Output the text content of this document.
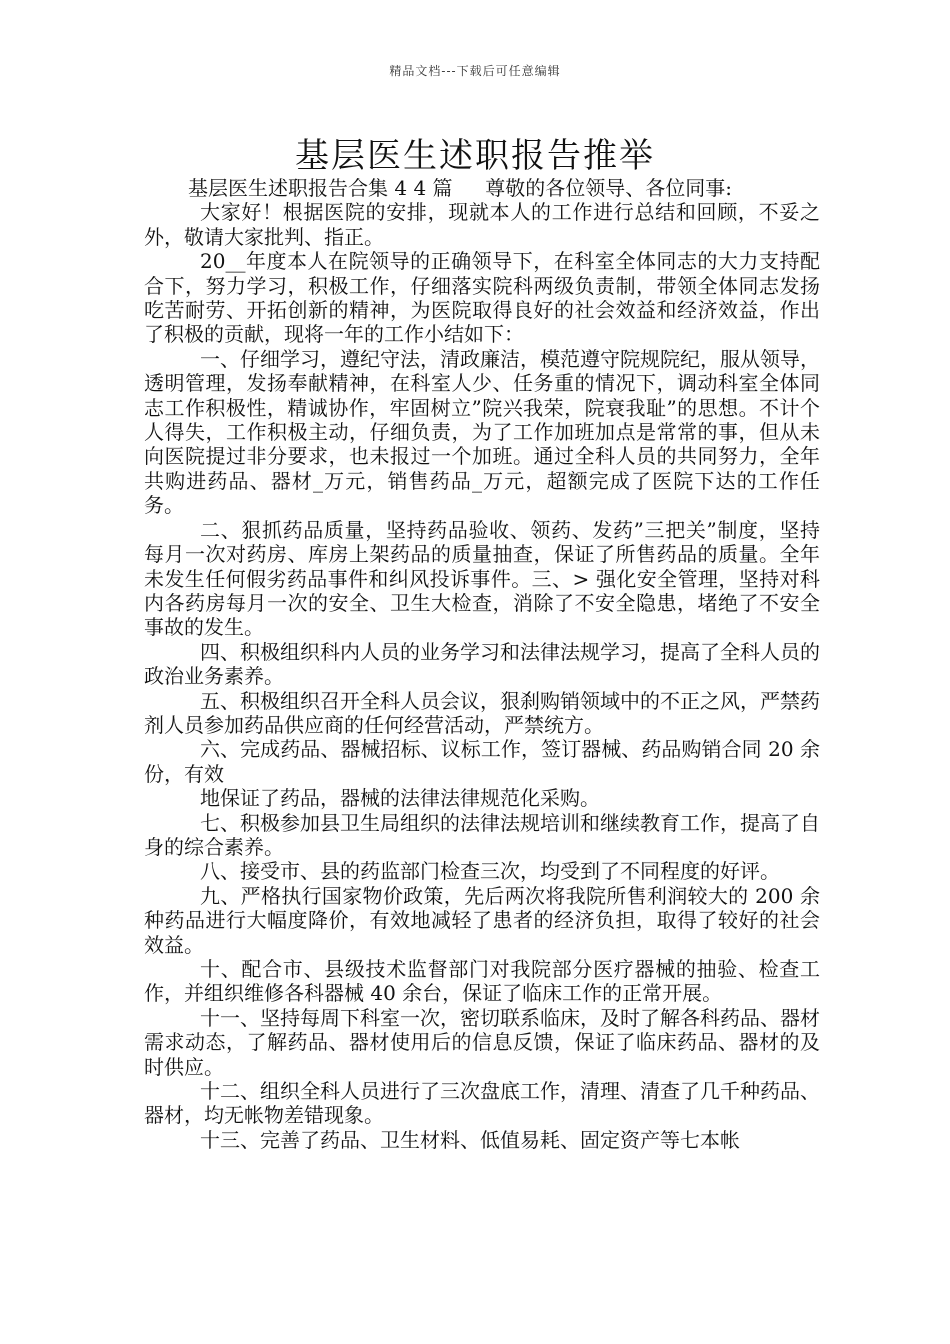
精品文档---下载后可任意编辑
基层医生述职报告推举

基层医生述职报告合集 4 4 篇 　 尊敬的各位领导、各位同事:

大家好！根据医院的安排，现就本人的工作进行总结和回顾，不妥之外，敬请大家批判、指正。

20__年度本人在院领导的正确领导下，在科室全体同志的大力支持配合下，努力学习，积极工作，仔细落实院科两级负责制，带领全体同志发扬吃苦耐劳、开拓创新的精神，为医院取得良好的社会效益和经济效益，作出了积极的贡献，现将一年的工作小结如下：

一、仔细学习，遵纪守法，清政廉洁，模范遵守院规院纪，服从领导，透明管理，发扬奉献精神，在科室人少、任务重的情况下，调动科室全体同志工作积极性，精诚协作，牢固树立”院兴我荣，院衰我耻”的思想。不计个人得失，工作积极主动，仔细负责，为了工作加班加点是常常的事，但从未向医院提过非分要求，也未报过一个加班。通过全科人员的共同努力，全年共购进药品、器材_万元，销售药品_万元，超额完成了医院下达的工作任务。

二、狠抓药品质量，坚持药品验收、领药、发药”三把关”制度，坚持每月一次对药房、库房上架药品的质量抽查，保证了所售药品的质量。全年未发生任何假劣药品事件和纠风投诉事件。三、> 强化安全管理，坚持对科内各药房每月一次的安全、卫生大检查，消除了不安全隐患，堵绝了不安全事故的发生。

四、积极组织科内人员的业务学习和法律法规学习，提高了全科人员的政治业务素养。

五、积极组织召开全科人员会议，狠刹购销领域中的不正之风，严禁药剂人员参加药品供应商的任何经营活动，严禁统方。

六、完成药品、器械招标、议标工作，签订器械、药品购销合同 20 余份，有效

地保证了药品，器械的法律法律规范化采购。

七、积极参加县卫生局组织的法律法规培训和继续教育工作，提高了自身的综合素养。

八、接受市、县的药监部门检查三次，均受到了不同程度的好评。

九、严格执行国家物价政策，先后两次将我院所售利润较大的 200 余种药品进行大幅度降价，有效地减轻了患者的经济负担，取得了较好的社会效益。

十、配合市、县级技术监督部门对我院部分医疗器械的抽验、检查工作，并组织维修各科器械 40 余台，保证了临床工作的正常开展。

十一、坚持每周下科室一次，密切联系临床，及时了解各科药品、器材需求动态，了解药品、器材使用后的信息反馈，保证了临床药品、器材的及时供应。

十二、组织全科人员进行了三次盘底工作，清理、清查了几千种药品、器材，均无帐物差错现象。

十三、完善了药品、卫生材料、低值易耗、固定资产等七本帐
